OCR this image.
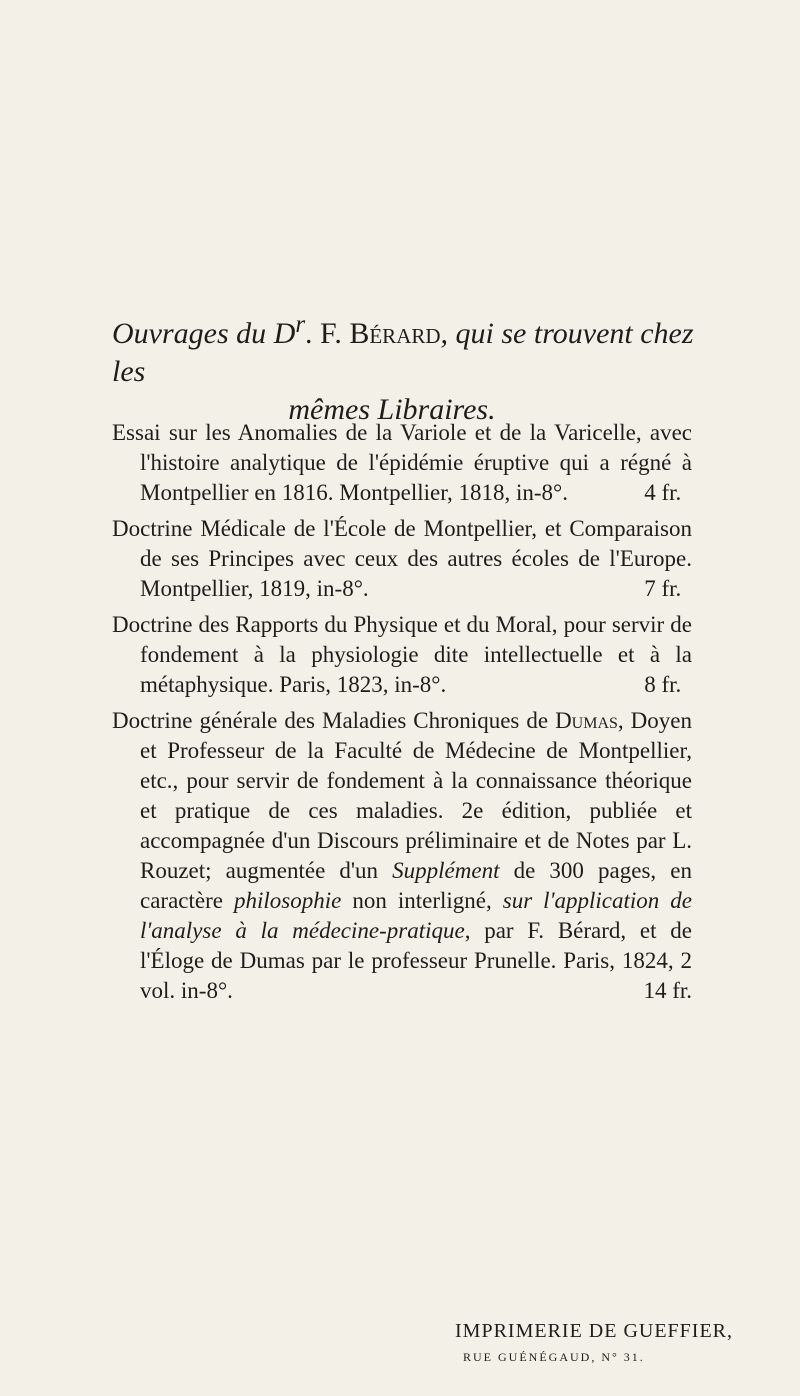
Ouvrages du $D^r$. F. Bérard, qui se trouvent chez les
mêmes Libraires.

Essai sur les Anomalies de la Variole et de la Varicelle, avec l'histoire analytique de l'épidémie éruptive qui a régné à Montpellier en 1816. Montpellier, 1818, in-8°.	4 fr.

Doctrine Médicale de l'École de Montpellier, et Comparaison de ses Principes avec ceux des autres écoles de l'Europe. Montpellier, 1819, in-8°.	7 fr.

Doctrine des Rapports du Physique et du Moral, pour servir de fondement à la physiologie dite intellectuelle et à la métaphysique. Paris, 1823, in-8°.	8 fr.

Doctrine générale des Maladies Chroniques de Dumas, Doyen et Professeur de la Faculté de Médecine de Montpellier, etc., pour servir de fondement à la connaissance théorique et pratique de ces maladies. 2e édition, publiée et accompagnée d'un Discours préliminaire et de Notes par L. Rouzet; augmentée d'un Supplément de 300 pages, en caractère philosophie non interligné, sur l'application de l'analyse à la médecine-pratique, par F. Bérard, et de l'Éloge de Dumas par le professeur Prunelle. Paris, 1824, 2 vol. in-8°.	14 fr.

IMPRIMERIE DE GUEFFIER,
RUE GUÉNÉGAUD, N° 31.
